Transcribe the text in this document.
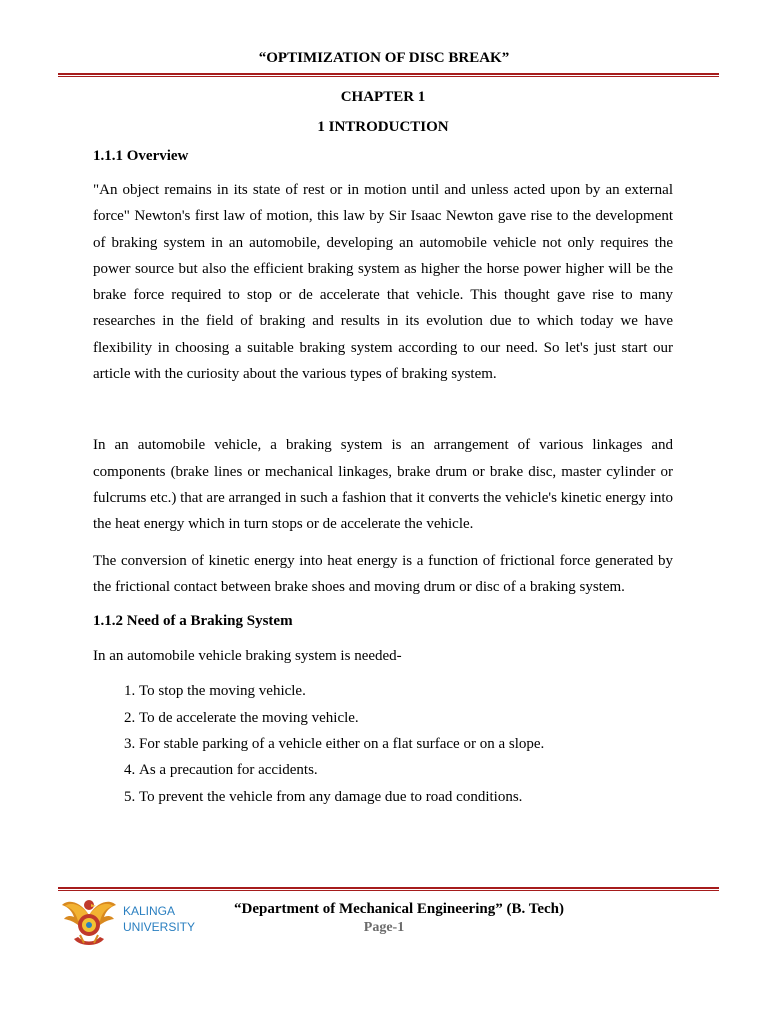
“OPTIMIZATION OF DISC BREAK”
CHAPTER 1
1 INTRODUCTION
1.1.1 Overview

"An object remains in its state of rest or in motion until and unless acted upon by an external force" Newton's first law of motion, this law by Sir Isaac Newton gave rise to the development of braking system in an automobile, developing an automobile vehicle not only requires the power source but also the efficient braking system as higher the horse power higher will be the brake force required to stop or de accelerate that vehicle. This thought gave rise to many researches in the field of braking and results in its evolution due to which today we have flexibility in choosing a suitable braking system according to our need. So let's just start our article with the curiosity about the various types of braking system.

In an automobile vehicle, a braking system is an arrangement of various linkages and components (brake lines or mechanical linkages, brake drum or brake disc, master cylinder or fulcrums etc.) that are arranged in such a fashion that it converts the vehicle's kinetic energy into the heat energy which in turn stops or de accelerate the vehicle.

The conversion of kinetic energy into heat energy is a function of frictional force generated by the frictional contact between brake shoes and moving drum or disc of a braking system.

1.1.2 Need of a Braking System

In an automobile vehicle braking system is needed-

1. To stop the moving vehicle.
2. To de accelerate the moving vehicle.
3. For stable parking of a vehicle either on a flat surface or on a slope.
4. As a precaution for accidents.
5. To prevent the vehicle from any damage due to road conditions.
KALINGA
UNIVERSITY
“Department of Mechanical Engineering” (B. Tech)
Page-1
